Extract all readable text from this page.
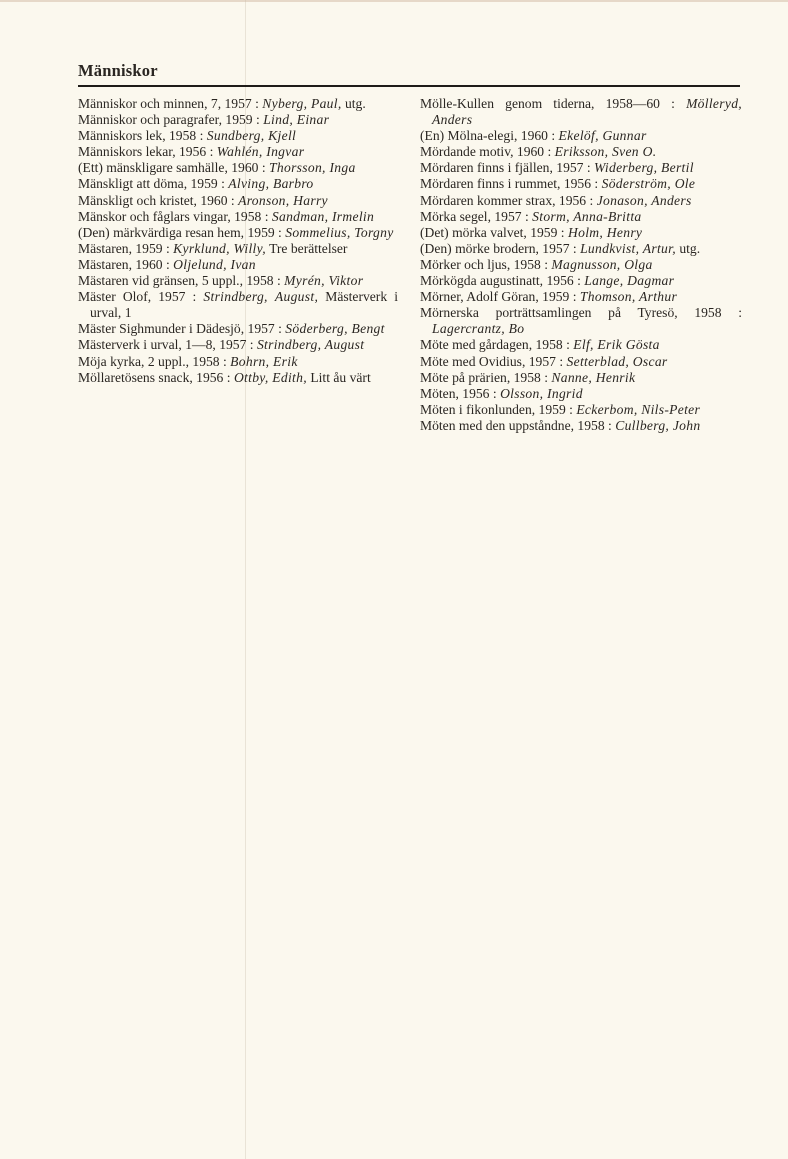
Människor
Människor och minnen, 7, 1957 : Nyberg, Paul, utg.
Människor och paragrafer, 1959 : Lind, Einar
Människors lek, 1958 : Sundberg, Kjell
Människors lekar, 1956 : Wahlén, Ingvar
(Ett) mänskligare samhälle, 1960 : Thorsson, Inga
Mänskligt att döma, 1959 : Alving, Barbro
Mänskligt och kristet, 1960 : Aronson, Harry
Mänskor och fåglars vingar, 1958 : Sandman, Irmelin
(Den) märkvärdiga resan hem, 1959 : Sommelius, Torgny
Mästaren, 1959 : Kyrklund, Willy, Tre berättelser
Mästaren, 1960 : Oljelund, Ivan
Mästaren vid gränsen, 5 uppl., 1958 : Myrén, Viktor
Mäster Olof, 1957 : Strindberg, August, Mästerverk i urval, 1
Mäster Sighmunder i Dädesjö, 1957 : Söderberg, Bengt
Mästerverk i urval, 1—8, 1957 : Strindberg, August
Möja kyrka, 2 uppl., 1958 : Bohrn, Erik
Möllaretösens snack, 1956 : Ottby, Edith, Litt åu värt
Mölle-Kullen genom tiderna, 1958—60 : Mölleryd, Anders
(En) Mölna-elegi, 1960 : Ekelöf, Gunnar
Mördande motiv, 1960 : Eriksson, Sven O.
Mördaren finns i fjällen, 1957 : Widerberg, Bertil
Mördaren finns i rummet, 1956 : Söderström, Ole
Mördaren kommer strax, 1956 : Jonason, Anders
Mörka segel, 1957 : Storm, Anna-Britta
(Det) mörka valvet, 1959 : Holm, Henry
(Den) mörke brodern, 1957 : Lundkvist, Artur, utg.
Mörker och ljus, 1958 : Magnusson, Olga
Mörkögda augustinatt, 1956 : Lange, Dagmar
Mörner, Adolf Göran, 1959 : Thomson, Arthur
Mörnerska porträttsamlingen på Tyresö, 1958 : Lagercrantz, Bo
Möte med gårdagen, 1958 : Elf, Erik Gösta
Möte med Ovidius, 1957 : Setterblad, Oscar
Möte på prärien, 1958 : Nanne, Henrik
Möten, 1956 : Olsson, Ingrid
Möten i fikonlunden, 1959 : Eckerbom, Nils-Peter
Möten med den uppståndne, 1958 : Cullberg, John
